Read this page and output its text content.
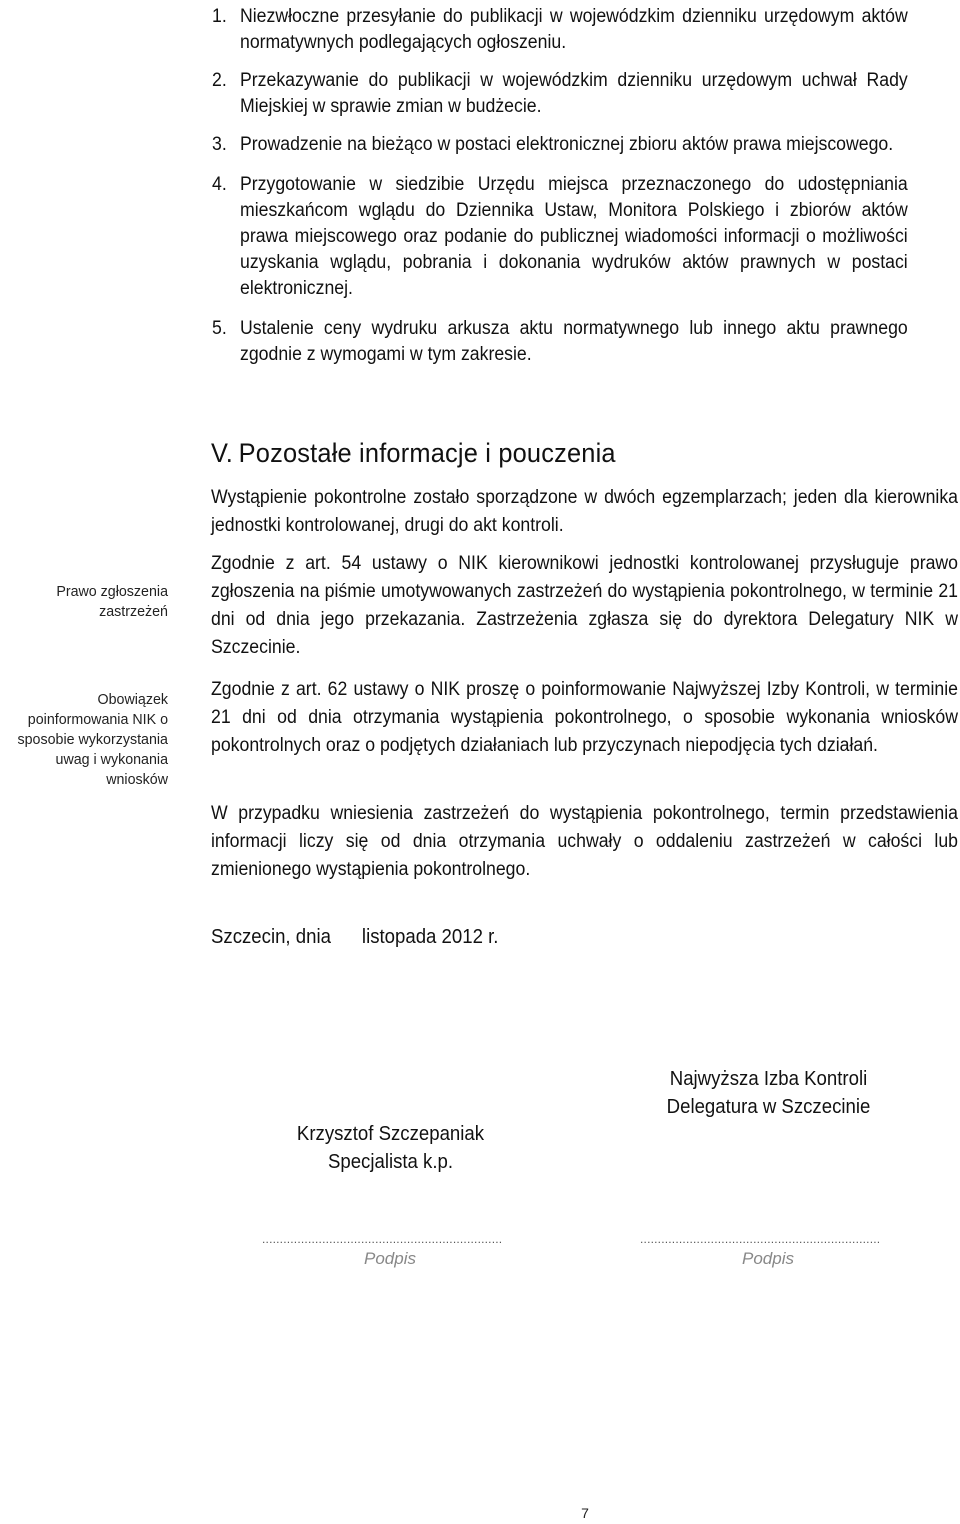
1. Niezwłoczne przesyłanie do publikacji w wojewódzkim dzienniku urzędowym aktów normatywnych podlegających ogłoszeniu.
2. Przekazywanie do publikacji w wojewódzkim dzienniku urzędowym uchwał Rady Miejskiej w sprawie zmian w budżecie.
3. Prowadzenie na bieżąco w postaci elektronicznej zbioru aktów prawa miejscowego.
4. Przygotowanie w siedzibie Urzędu miejsca przeznaczonego do udostępniania mieszkańcom wglądu do Dziennika Ustaw, Monitora Polskiego i zbiorów aktów prawa miejscowego oraz podanie do publicznej wiadomości informacji o możliwości uzyskania wglądu, pobrania i dokonania wydruków aktów prawnych w postaci elektronicznej.
5. Ustalenie ceny wydruku arkusza aktu normatywnego lub innego aktu prawnego zgodnie z wymogami w tym zakresie.
V. Pozostałe informacje i pouczenia

Wystąpienie pokontrolne zostało sporządzone w dwóch egzemplarzach; jeden dla kierownika jednostki kontrolowanej, drugi do akt kontroli.

Zgodnie z art. 54 ustawy o NIK kierownikowi jednostki kontrolowanej przysługuje prawo zgłoszenia na piśmie umotywowanych zastrzeżeń do wystąpienia pokontrolnego, w terminie 21 dni od dnia jego przekazania. Zastrzeżenia zgłasza się do dyrektora Delegatury NIK w Szczecinie.

Zgodnie z art. 62 ustawy o NIK proszę o poinformowanie Najwyższej Izby Kontroli, w terminie 21 dni od dnia otrzymania wystąpienia pokontrolnego, o sposobie wykonania wniosków pokontrolnych oraz o podjętych działaniach lub przyczynach niepodjęcia tych działań.

W przypadku wniesienia zastrzeżeń do wystąpienia pokontrolnego, termin przedstawienia informacji liczy się od dnia otrzymania uchwały o oddaleniu zastrzeżeń w całości lub zmienionego wystąpienia pokontrolnego.

Prawo zgłoszenia zastrzeżeń
Obowiązek poinformowania NIK o sposobie wykorzystania uwag i wykonania wniosków
Szczecin, dnia      listopada 2012 r.
Krzysztof Szczepaniak
Specjalista k.p.
Najwyższa Izba Kontroli
Delegatura w Szczecinie
....................................................................	....................................................................
Podpis	Podpis
7
